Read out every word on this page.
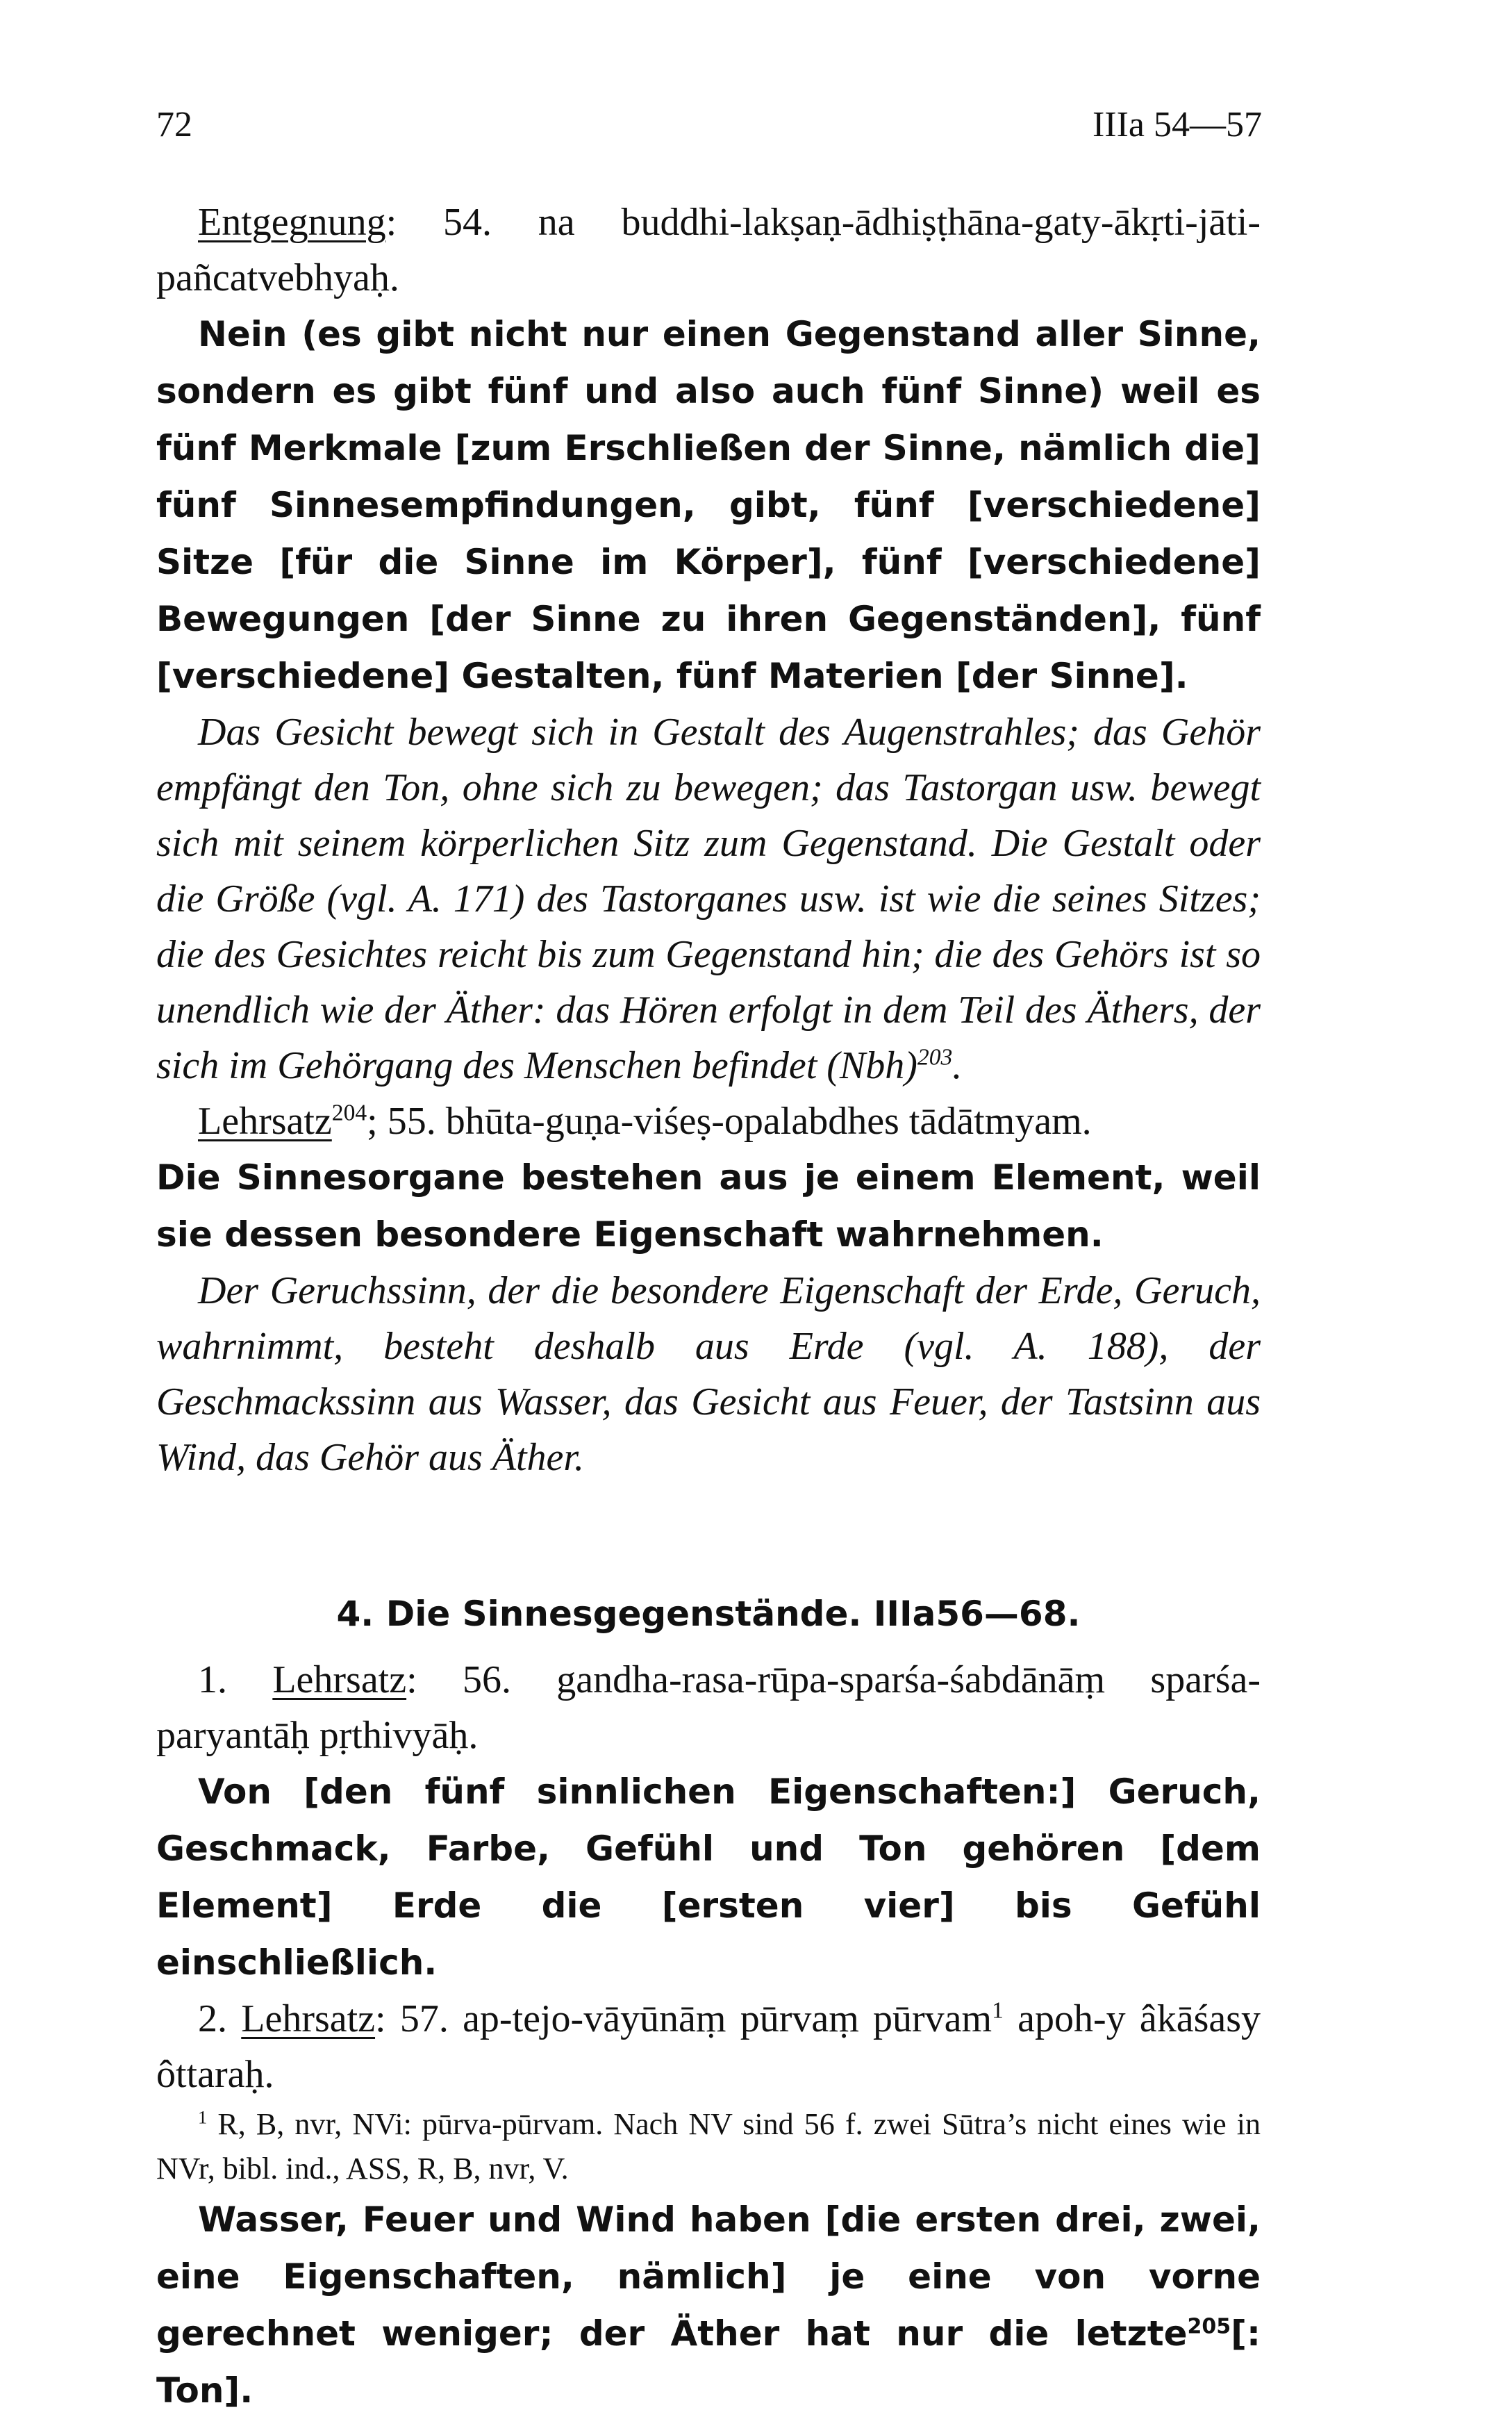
72	IIIa 54—57

Entgegnung: 54. na buddhi-lakṣaṇ-ādhiṣṭhāna-gaty-ākṛti-jāti-pañcatvebhyaḥ.

Nein (es gibt nicht nur einen Gegenstand aller Sinne, sondern es gibt fünf und also auch fünf Sinne) weil es fünf Merkmale [zum Erschließen der Sinne, nämlich die] fünf Sinnesempfindungen, gibt, fünf [verschiedene] Sitze [für die Sinne im Körper], fünf [verschiedene] Bewegungen [der Sinne zu ihren Gegenständen], fünf [verschiedene] Gestalten, fünf Materien [der Sinne].

Das Gesicht bewegt sich in Gestalt des Augenstrahles; das Gehör empfängt den Ton, ohne sich zu bewegen; das Tastorgan usw. bewegt sich mit seinem körperlichen Sitz zum Gegenstand. Die Gestalt oder die Größe (vgl. A. 171) des Tastorganes usw. ist wie die seines Sitzes; die des Gesichtes reicht bis zum Gegenstand hin; die des Gehörs ist so unendlich wie der Äther: das Hören erfolgt in dem Teil des Äthers, der sich im Gehörgang des Menschen befindet (Nbh)$^{203}$.

Lehrsatz$^{204}$; 55. bhūta-guṇa-viśeṣ-opalabdhes tādātmyam.

Die Sinnesorgane bestehen aus je einem Element, weil sie dessen besondere Eigenschaft wahrnehmen.

Der Geruchssinn, der die besondere Eigenschaft der Erde, Geruch, wahrnimmt, besteht deshalb aus Erde (vgl. A. 188), der Geschmackssinn aus Wasser, das Gesicht aus Feuer, der Tastsinn aus Wind, das Gehör aus Äther.

4. Die Sinnesgegenstände. IIIa56—68.

1. Lehrsatz: 56. gandha-rasa-rūpa-sparśa-śabdānāṃ sparśa-paryantāḥ pṛthivyāḥ.

Von [den fünf sinnlichen Eigenschaften:] Geruch, Geschmack, Farbe, Gefühl und Ton gehören [dem Element] Erde die [ersten vier] bis Gefühl einschließlich.

2. Lehrsatz: 57. ap-tejo-vāyūnāṃ pūrvaṃ pūrvam$^1$ apoh-y âkāśasy ôttaraḥ.

$^1$ R, B, nvr, NVi: pūrva-pūrvam. Nach NV sind 56 f. zwei Sūtra’s nicht eines wie in NVr, bibl. ind., ASS, R, B, nvr, V.

Wasser, Feuer und Wind haben [die ersten drei, zwei, eine Eigenschaften, nämlich] je eine von vorne gerechnet weniger; der Äther hat nur die letzte$^{205}$[: Ton].
